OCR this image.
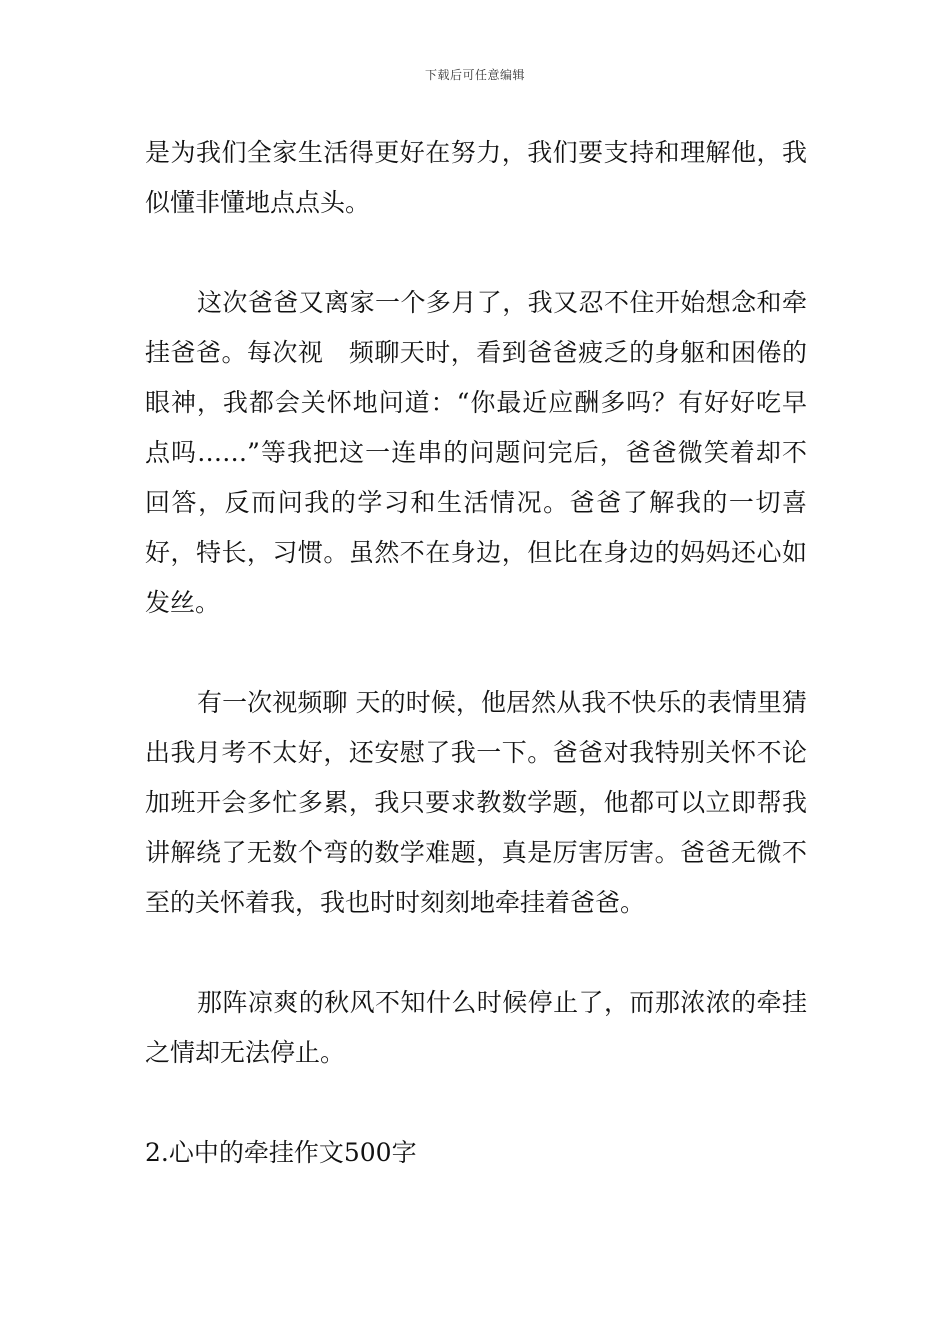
下载后可任意编辑

是为我们全家生活得更好在努力，我们要支持和理解他，我似懂非懂地点点头。

这次爸爸又离家一个多月了，我又忍不住开始想念和牵挂爸爸。每次视　频聊天时，看到爸爸疲乏的身躯和困倦的眼神，我都会关怀地问道：“你最近应酬多吗？有好好吃早点吗……”等我把这一连串的问题问完后，爸爸微笑着却不回答，反而问我的学习和生活情况。爸爸了解我的一切喜好，特长，习惯。虽然不在身边，但比在身边的妈妈还心如发丝。

有一次视频聊 天的时候，他居然从我不快乐的表情里猜出我月考不太好，还安慰了我一下。爸爸对我特别关怀不论加班开会多忙多累，我只要求教数学题，他都可以立即帮我讲解绕了无数个弯的数学难题，真是厉害厉害。爸爸无微不至的关怀着我，我也时时刻刻地牵挂着爸爸。

那阵凉爽的秋风不知什么时候停止了，而那浓浓的牵挂之情却无法停止。

2.心中的牵挂作文500字
